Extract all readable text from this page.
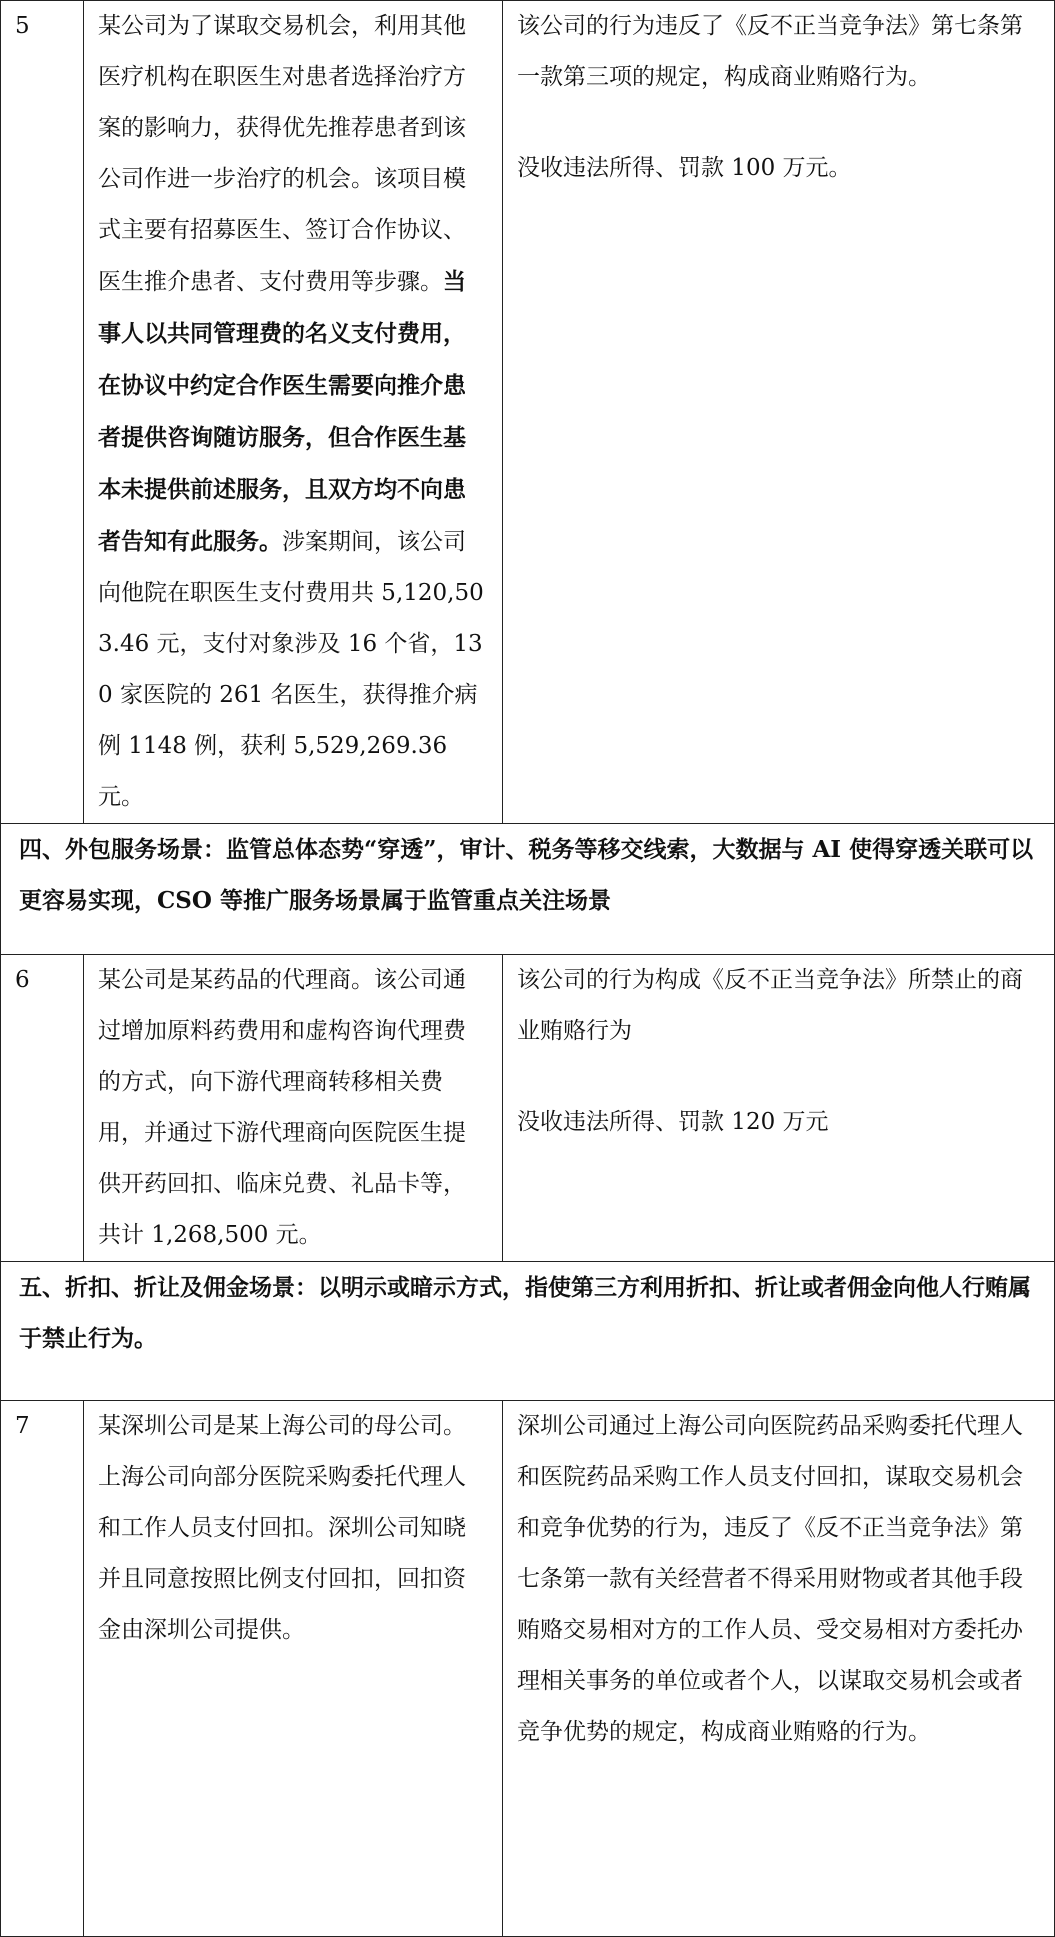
5	某公司为了谋取交易机会，利用其他医疗机构在职医生对患者选择治疗方案的影响力，获得优先推荐患者到该公司作进一步治疗的机会。该项目模式主要有招募医生、签订合作协议、医生推介患者、支付费用等步骤。当事人以共同管理费的名义支付费用，在协议中约定合作医生需要向推介患者提供咨询随访服务，但合作医生基本未提供前述服务，且双方均不向患者告知有此服务。涉案期间，该公司向他院在职医生支付费用共 5,120,503.46 元，支付对象涉及 16 个省，130 家医院的 261 名医生，获得推介病例 1148 例，获利 5,529,269.36 元。	该公司的行为违反了《反不正当竞争法》第七条第一款第三项的规定，构成商业贿赂行为。
没收违法所得、罚款 100 万元。

四、外包服务场景：监管总体态势“穿透”，审计、税务等移交线索，大数据与 AI 使得穿透关联可以更容易实现，CSO 等推广服务场景属于监管重点关注场景		
6	某公司是某药品的代理商。该公司通过增加原料药费用和虚构咨询代理费的方式，向下游代理商转移相关费用，并通过下游代理商向医院医生提供开药回扣、临床兑费、礼品卡等，共计 1,268,500 元。	该公司的行为构成《反不正当竞争法》所禁止的商业贿赂行为
没收违法所得、罚款 120 万元

五、折扣、折让及佣金场景：以明示或暗示方式，指使第三方利用折扣、折让或者佣金向他人行贿属于禁止行为。		
7	某深圳公司是某上海公司的母公司。上海公司向部分医院采购委托代理人和工作人员支付回扣。深圳公司知晓并且同意按照比例支付回扣，回扣资金由深圳公司提供。	深圳公司通过上海公司向医院药品采购委托代理人和医院药品采购工作人员支付回扣，谋取交易机会和竞争优势的行为，违反了《反不正当竞争法》第七条第一款有关经营者不得采用财物或者其他手段贿赂交易相对方的工作人员、受交易相对方委托办理相关事务的单位或者个人，以谋取交易机会或者竞争优势的规定，构成商业贿赂的行为。
